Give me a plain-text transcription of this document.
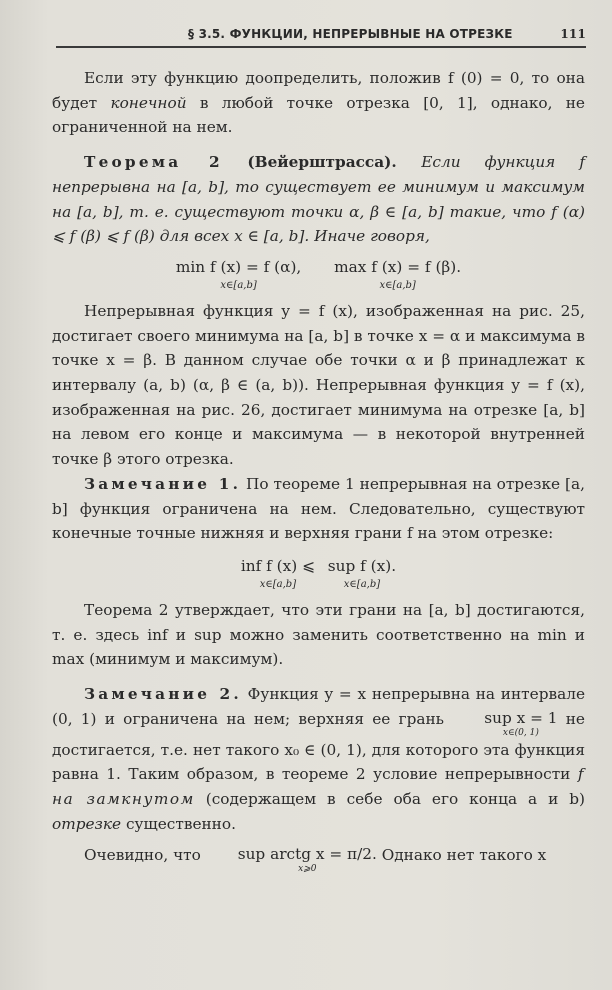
§ 3.5. ФУНКЦИИ, НЕПРЕРЫВНЫЕ НА ОТРЕЗКЕ	111

Если эту функцию доопределить, положив f (0) = 0, то она будет конечной в любой точке отрезка [0, 1], однако, не ограниченной на нем.

Теорема 2 (Вейерштрасса). Если функция f непрерывна на [a, b], то существует ее минимум и максимум на [a, b], т. е. существуют точки α, β ∈ [a, b] такие, что f (α) ⩽ f (β) ⩽ f (β) для всех x ∈ [a, b]. Иначе говоря,

min f (x) = f (α),
x∈[a,b]

max f (x) = f (β).
x∈[a,b]

Непрерывная функция y = f (x), изображенная на рис. 25, достигает своего минимума на [a, b] в точке x = α и максимума в точке x = β. В данном случае обе точки α и β принадлежат к интервалу (a, b) (α, β ∈ (a, b)). Непрерывная функция y = f (x), изображенная на рис. 26, достигает минимума на отрезке [a, b] на левом его конце и максимума — в некоторой внутренней точке β этого отрезка.

Замечание 1. По теореме 1 непрерывная на отрезке [a, b] функция ограничена на нем. Следовательно, существуют конечные точные нижняя и верхняя грани f на этом отрезке:

inf f (x) ⩽
x∈[a,b]

sup f (x).
x∈[a,b]

Теорема 2 утверждает, что эти грани на [a, b] достигаются, т. е. здесь inf и sup можно заменить соответственно на min и max (минимум и максимум).

Замечание 2. Функция y = x непрерывна на интервале (0, 1) и ограничена на нем; верхняя ее грань	sup x = 1
x∈(0, 1)
не достигается, т.е. нет такого x₀ ∈ (0, 1), для которого эта функция равна 1. Таким образом, в теореме 2 условие непрерывности f на замкнутом (содержащем в себе оба его конца a и b) отрезке существенно.

Очевидно, что sup arctg x = π/2.
x⩾0
Однако нет такого x
